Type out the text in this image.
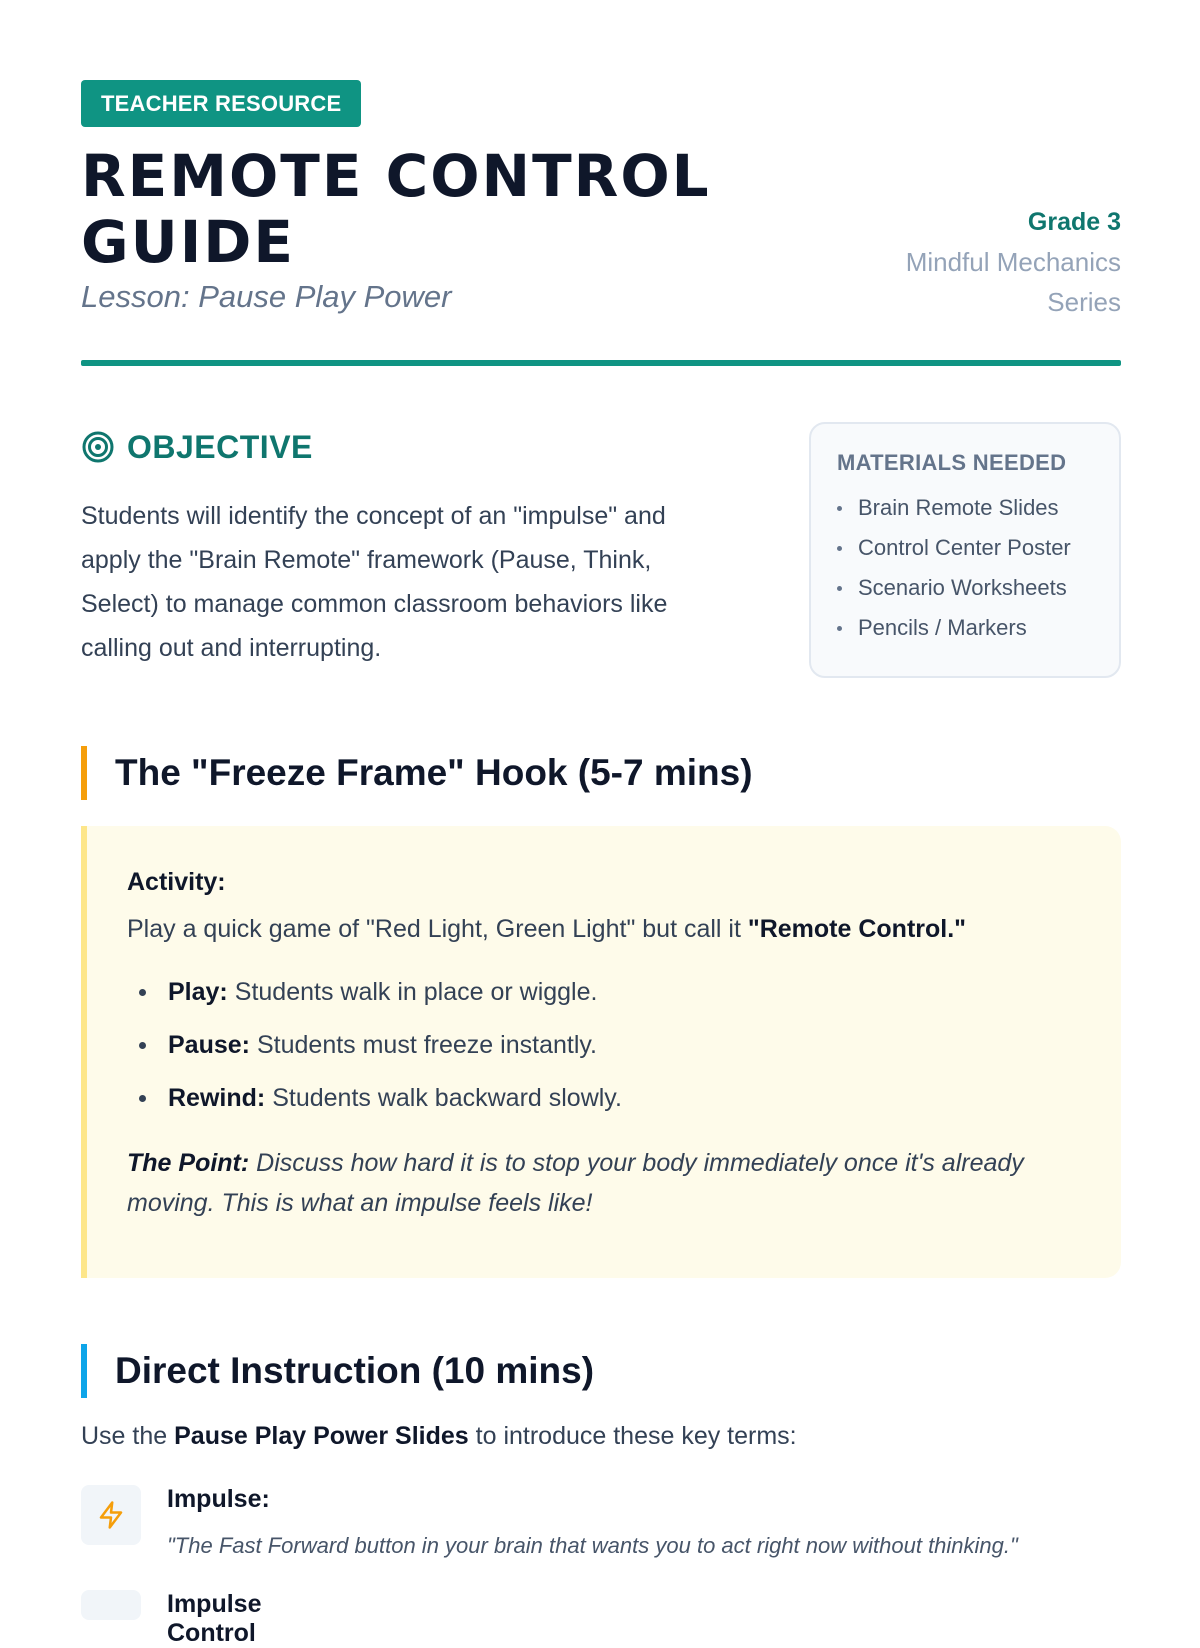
TEACHER RESOURCE
REMOTE CONTROL GUIDE
Lesson: Pause Play Power
Grade 3
Mindful Mechanics Series
OBJECTIVE

Students will identify the concept of an "impulse" and apply the "Brain Remote" framework (Pause, Think, Select) to manage common classroom behaviors like calling out and interrupting.

MATERIALS NEEDED
Brain Remote Slides
Control Center Poster
Scenario Worksheets
Pencils / Markers
The "Freeze Frame" Hook (5-7 mins)
Activity:

Play a quick game of "Red Light, Green Light" but call it "Remote Control."

Play: Students walk in place or wiggle.
Pause: Students must freeze instantly.
Rewind: Students walk backward slowly.

The Point: Discuss how hard it is to stop your body immediately once it's already moving. This is what an impulse feels like!

Direct Instruction (10 mins)

Use the Pause Play Power Slides to introduce these key terms:

Impulse:
"The Fast Forward button in your brain that wants you to act right now without thinking."
Impulse Control
